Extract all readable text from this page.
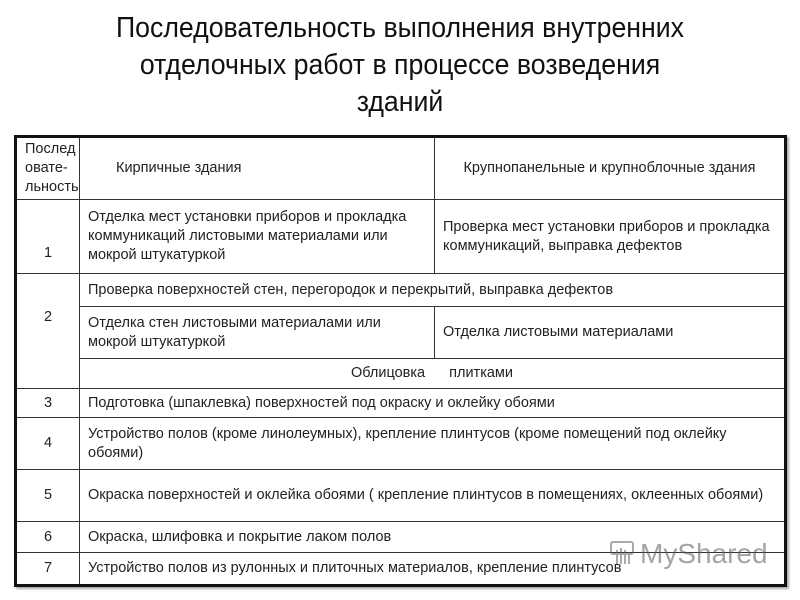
Последовательность выполнения внутренних
отделочных работ в процессе возведения
зданий
Послед овате- льность	Кирпичные здания	Крупнопанельные и крупноблочные здания
1	Отделка мест установки приборов и прокладка коммуникаций листовыми материалами или мокрой штукатуркой	Проверка мест установки приборов и прокладка коммуникаций, выправка дефектов
2	Проверка поверхностей стен, перегородок и перекрытий, выправка дефектов	
	Отделка стен листовыми материалами или мокрой штукатуркой	Отделка листовыми материалами
	Облицовка плитками	
3	Подготовка (шпаклевка) поверхностей под окраску и оклейку обоями	
4	Устройство полов (кроме линолеумных), крепление плинтусов (кроме помещений под оклейку обоями)	
5	Окраска поверхностей и оклейка обоями ( крепление плинтусов в помещениях, оклеенных обоями)	
6	Окраска, шлифовка и покрытие лаком полов	
7	Устройство полов из рулонных и плиточных материалов, крепление плинтусов	MyShared
